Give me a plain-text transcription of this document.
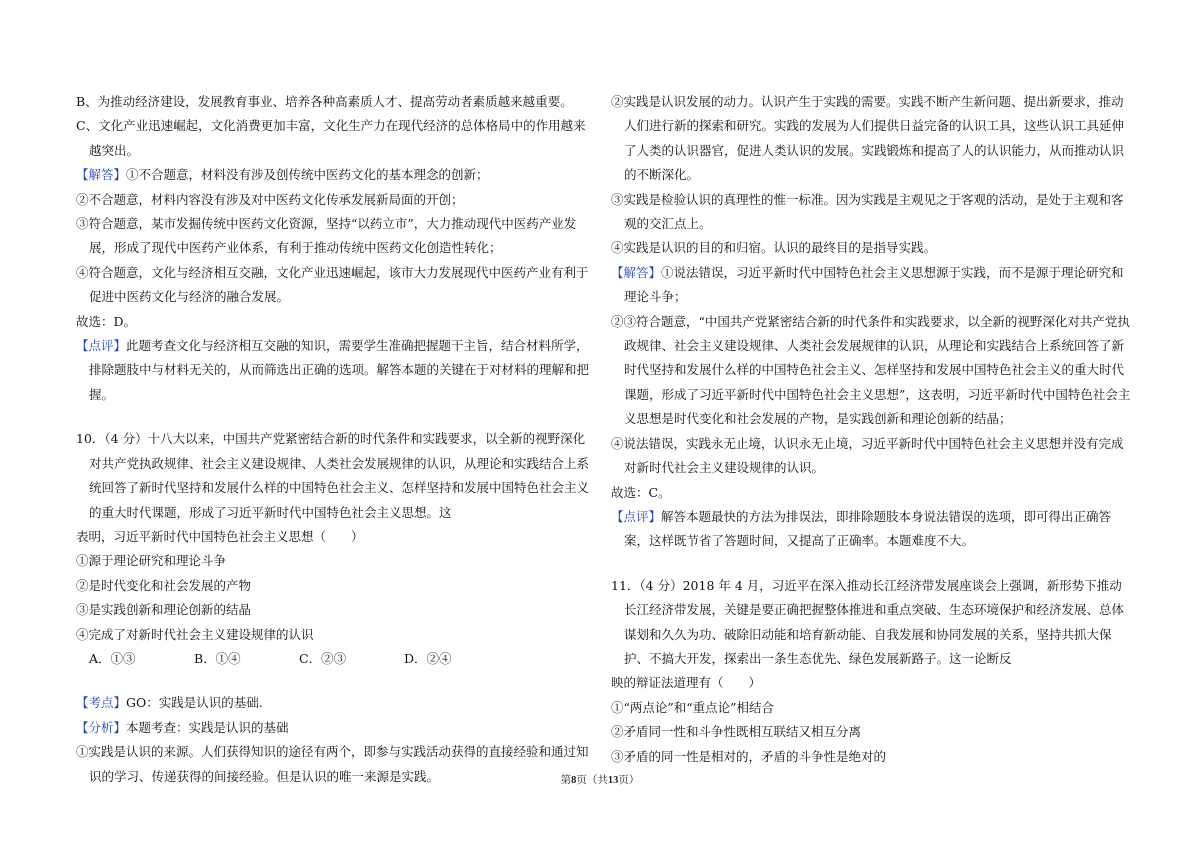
B、为推动经济建设，发展教育事业、培养各种高素质人才、提高劳动者素质越来越重要。

C、文化产业迅速崛起，文化消费更加丰富，文化生产力在现代经济的总体格局中的作用越来越突出。

【解答】①不合题意，材料没有涉及创传统中医药文化的基本理念的创新；

②不合题意，材料内容没有涉及对中医药文化传承发展新局面的开创；

③符合题意，某市发掘传统中医药文化资源，坚持“以药立市”，大力推动现代中医药产业发展，形成了现代中医药产业体系，有利于推动传统中医药文化创造性转化；

④符合题意，文化与经济相互交融，文化产业迅速崛起，该市大力发展现代中医药产业有利于促进中医药文化与经济的融合发展。

故选：D。

【点评】此题考查文化与经济相互交融的知识，需要学生准确把握题干主旨，结合材料所学，排除题肢中与材料无关的，从而筛选出正确的选项。解答本题的关键在于对材料的理解和把握。

10．（4 分）十八大以来，中国共产党紧密结合新的时代条件和实践要求，以全新的视野深化对共产党执政规律、社会主义建设规律、人类社会发展规律的认识，从理论和实践结合上系统回答了新时代坚持和发展什么样的中国特色社会主义、怎样坚持和发展中国特色社会主义的重大时代课题，形成了习近平新时代中国特色社会主义思想。这

表明，习近平新时代中国特色社会主义思想（　　）

①源于理论研究和理论斗争

②是时代变化和社会发展的产物

③是实践创新和理论创新的结晶

④完成了对新时代社会主义建设规律的认识

A．①③	B．①④	C．②③	D．②④

【考点】GO：实践是认识的基础.

【分析】本题考查：实践是认识的基础

①实践是认识的来源。人们获得知识的途径有两个，即参与实践活动获得的直接经验和通过知识的学习、传递获得的间接经验。但是认识的唯一来源是实践。

②实践是认识发展的动力。认识产生于实践的需要。实践不断产生新问题、提出新要求，推动人们进行新的探索和研究。实践的发展为人们提供日益完备的认识工具，这些认识工具延伸了人类的认识器官，促进人类认识的发展。实践锻炼和提高了人的认识能力，从而推动认识的不断深化。

③实践是检验认识的真理性的惟一标准。因为实践是主观见之于客观的活动，是处于主观和客观的交汇点上。

④实践是认识的目的和归宿。认识的最终目的是指导实践。

【解答】①说法错误，习近平新时代中国特色社会主义思想源于实践，而不是源于理论研究和理论斗争；

②③符合题意，“中国共产党紧密结合新的时代条件和实践要求，以全新的视野深化对共产党执政规律、社会主义建设规律、人类社会发展规律的认识，从理论和实践结合上系统回答了新时代坚持和发展什么样的中国特色社会主义、怎样坚持和发展中国特色社会主义的重大时代课题，形成了习近平新时代中国特色社会主义思想”，这表明，习近平新时代中国特色社会主义思想是时代变化和社会发展的产物，是实践创新和理论创新的结晶；

④说法错误，实践永无止境，认识永无止境，习近平新时代中国特色社会主义思想并没有完成对新时代社会主义建设规律的认识。

故选：C。

【点评】解答本题最快的方法为排误法，即排除题肢本身说法错误的选项，即可得出正确答案，这样既节省了答题时间，又提高了正确率。本题难度不大。

11．（4 分）2018 年 4 月，习近平在深入推动长江经济带发展座谈会上强调，新形势下推动长江经济带发展，关键是要正确把握整体推进和重点突破、生态环境保护和经济发展、总体谋划和久久为功、破除旧动能和培育新动能、自我发展和协同发展的关系，坚持共抓大保护、不搞大开发，探索出一条生态优先、绿色发展新路子。这一论断反

映的辩证法道理有（　　）

①“两点论”和“重点论”相结合

②矛盾同一性和斗争性既相互联结又相互分离

③矛盾的同一性是相对的，矛盾的斗争性是绝对的

第8页（共13页）
